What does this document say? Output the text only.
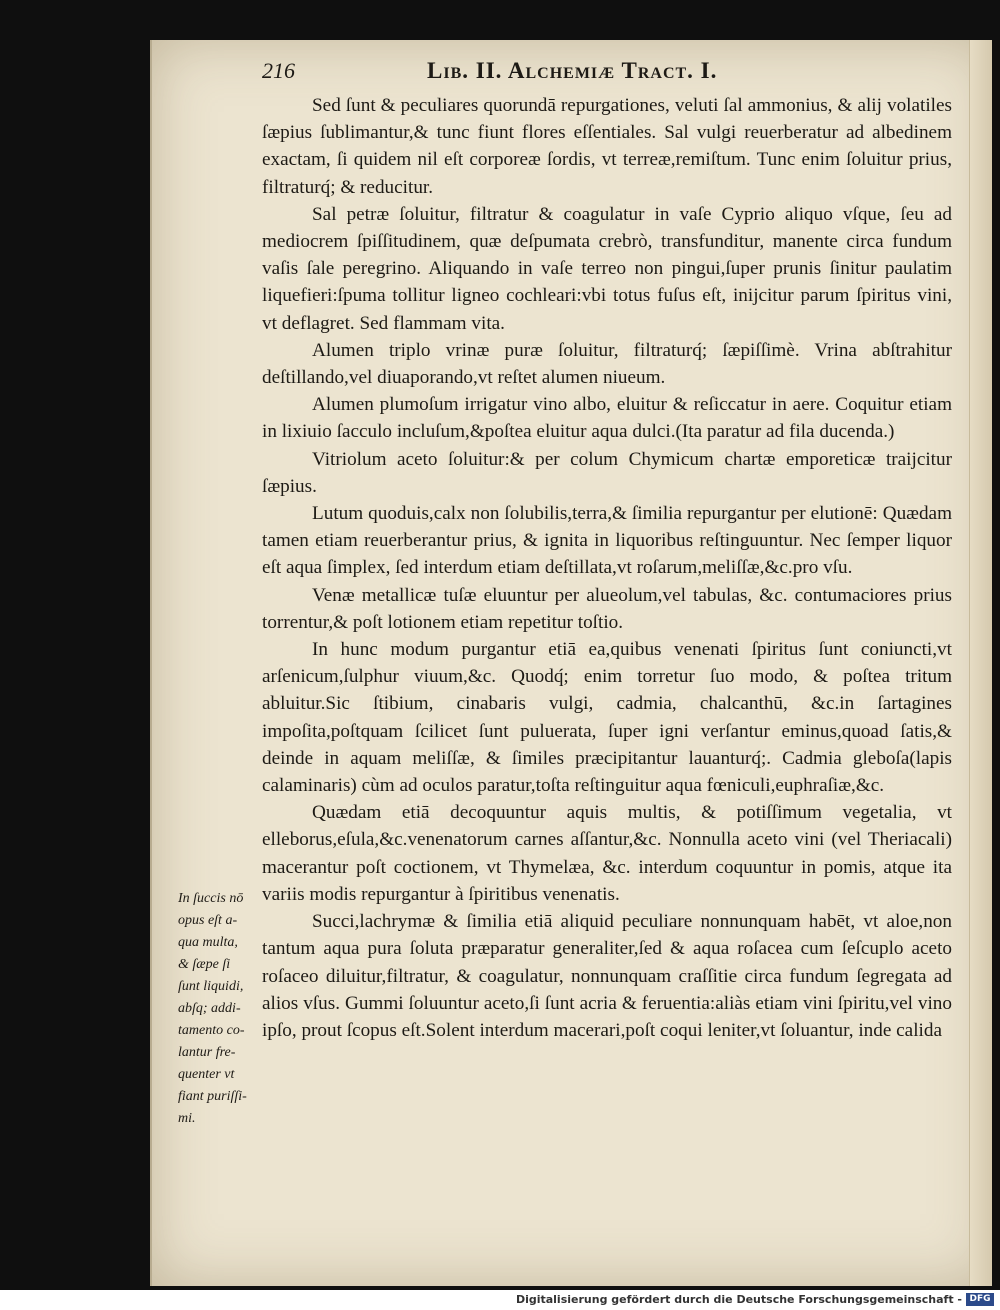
216	Lib. II. Alchemiæ Tract. I.

Sed ſunt & peculiares quorundā repurgationes, veluti ſal ammonius, & alij volatiles ſæpius ſublimantur,& tunc fiunt flores eſſentiales. Sal vulgi reuerberatur ad albedinem exactam, ſi quidem nil eſt corporeæ ſordis, vt terreæ,remiſtum. Tunc enim ſoluitur prius, filtraturq́; & reducitur.

Sal petræ ſoluitur, filtratur & coagulatur in vaſe Cyprio aliquo vſque, ſeu ad mediocrem ſpiſſitudinem, quæ deſpumata crebrò, transfunditur, manente circa fundum vaſis ſale peregrino. Aliquando in vaſe terreo non pingui,ſuper prunis ſinitur paulatim liquefieri:ſpuma tollitur ligneo cochleari:vbi totus fuſus eſt, inijcitur parum ſpiritus vini, vt deflagret. Sed flammam vita.

Alumen triplo vrinæ puræ ſoluitur, filtraturq́; ſæpiſſimè. Vrina abſtrahitur deſtillando,vel diuaporando,vt reſtet alumen niueum.

Alumen plumoſum irrigatur vino albo, eluitur & reſiccatur in aere. Coquitur etiam in lixiuio ſacculo incluſum,&poſtea eluitur aqua dulci.(Ita paratur ad fila ducenda.)

Vitriolum aceto ſoluitur:& per colum Chymicum chartæ emporeticæ traijcitur ſæpius.

Lutum quoduis,calx non ſolubilis,terra,& ſimilia repurgantur per elutionē: Quædam tamen etiam reuerberantur prius, & ignita in liquoribus reſtinguuntur. Nec ſemper liquor eſt aqua ſimplex, ſed interdum etiam deſtillata,vt roſarum,meliſſæ,&c.pro vſu.

Venæ metallicæ tuſæ eluuntur per alueolum,vel tabulas, &c. contumaciores prius torrentur,& poſt lotionem etiam repetitur toſtio.

In hunc modum purgantur etiā ea,quibus venenati ſpiritus ſunt coniuncti,vt arſenicum,ſulphur viuum,&c. Quodq́; enim torretur ſuo modo, & poſtea tritum abluitur.Sic ſtibium, cinabaris vulgi, cadmia, chalcanthū, &c.in ſartagines impoſita,poſtquam ſcilicet ſunt puluerata, ſuper igni verſantur eminus,quoad ſatis,& deinde in aquam meliſſæ, & ſimiles præcipitantur lauanturq́;. Cadmia gleboſa(lapis calaminaris) cùm ad oculos paratur,toſta reſtinguitur aqua fœniculi,euphraſiæ,&c.

Quædam etiā decoquuntur aquis multis, & potiſſimum vegetalia, vt elleborus,eſula,&c.venenatorum carnes aſſantur,&c. Nonnulla aceto vini (vel Theriacali) macerantur poſt coctionem, vt Thymelæa, &c. interdum coquuntur in pomis, atque ita variis modis repurgantur à ſpiritibus venenatis.

Succi,lachrymæ & ſimilia etiā aliquid peculiare nonnunquam habēt, vt aloe,non tantum aqua pura ſoluta præparatur generaliter,ſed & aqua roſacea cum ſeſcuplo aceto roſaceo diluitur,filtratur, & coagulatur, nonnunquam craſſitie circa fundum ſegregata ad alios vſus. Gummi ſoluuntur aceto,ſi ſunt acria & feruentia:aliàs etiam vini ſpiritu,vel vino ipſo, prout ſcopus eſt.Solent interdum macerari,poſt coqui leniter,vt ſoluantur, inde calida

In ſuccis nō
opus eſt a-
qua multa,
& ſæpe ſi
ſunt liquidi,
abſq; addi-
tamento co-
lantur fre-
quenter vt
fiant puriſſi-
mi.
Digitalisierung gefördert durch die Deutsche Forschungsgemeinschaft - DFG
